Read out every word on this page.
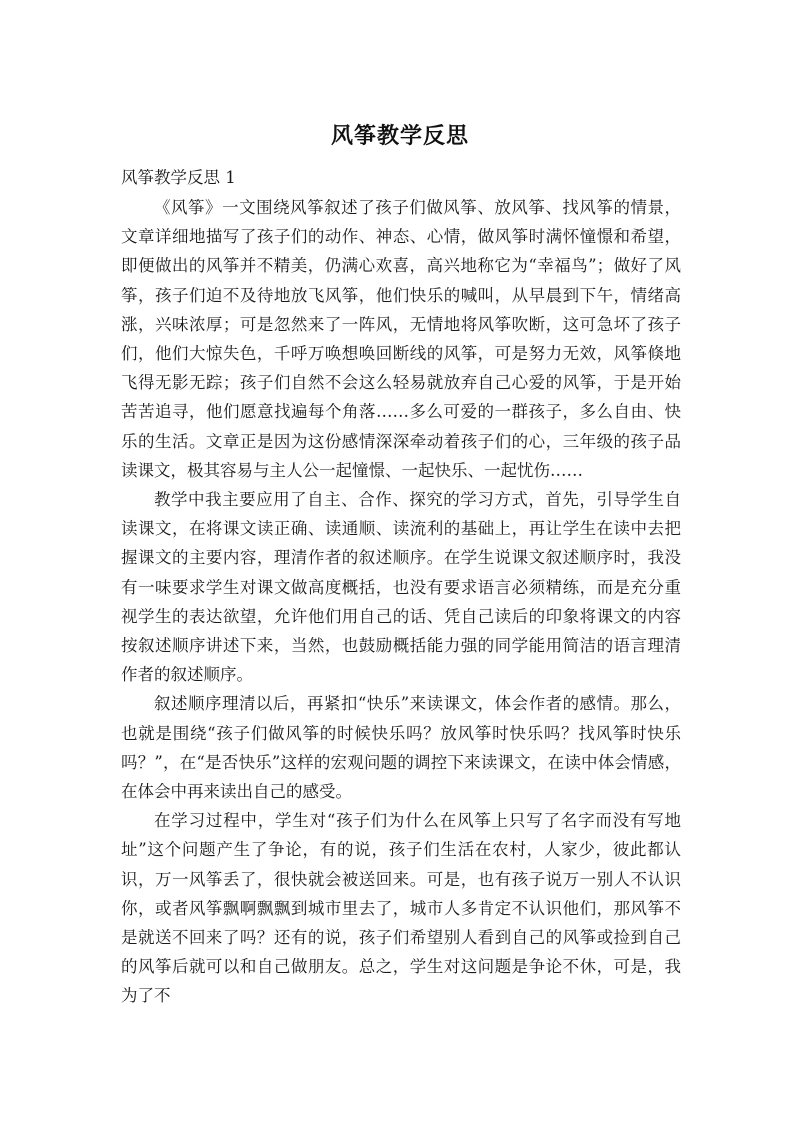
风筝教学反思

风筝教学反思 1

《风筝》一文围绕风筝叙述了孩子们做风筝、放风筝、找风筝的情景，文章详细地描写了孩子们的动作、神态、心情，做风筝时满怀憧憬和希望，即便做出的风筝并不精美，仍满心欢喜，高兴地称它为“幸福鸟”；做好了风筝，孩子们迫不及待地放飞风筝，他们快乐的喊叫，从早晨到下午，情绪高涨，兴味浓厚；可是忽然来了一阵风，无情地将风筝吹断，这可急坏了孩子们，他们大惊失色，千呼万唤想唤回断线的风筝，可是努力无效，风筝倏地飞得无影无踪；孩子们自然不会这么轻易就放弃自己心爱的风筝，于是开始苦苦追寻，他们愿意找遍每个角落……多么可爱的一群孩子，多么自由、快乐的生活。文章正是因为这份感情深深牵动着孩子们的心，三年级的孩子品读课文，极其容易与主人公一起憧憬、一起快乐、一起忧伤……

教学中我主要应用了自主、合作、探究的学习方式，首先，引导学生自读课文，在将课文读正确、读通顺、读流利的基础上，再让学生在读中去把握课文的主要内容，理清作者的叙述顺序。在学生说课文叙述顺序时，我没有一味要求学生对课文做高度概括，也没有要求语言必须精练，而是充分重视学生的表达欲望，允许他们用自己的话、凭自己读后的印象将课文的内容按叙述顺序讲述下来，当然，也鼓励概括能力强的同学能用简洁的语言理清作者的叙述顺序。

叙述顺序理清以后，再紧扣“快乐”来读课文，体会作者的感情。那么，也就是围绕“孩子们做风筝的时候快乐吗？放风筝时快乐吗？找风筝时快乐吗？”，在“是否快乐”这样的宏观问题的调控下来读课文，在读中体会情感，在体会中再来读出自己的感受。

在学习过程中，学生对“孩子们为什么在风筝上只写了名字而没有写地址”这个问题产生了争论，有的说，孩子们生活在农村，人家少，彼此都认识，万一风筝丢了，很快就会被送回来。可是，也有孩子说万一别人不认识你，或者风筝飘啊飘飘到城市里去了，城市人多肯定不认识他们，那风筝不是就送不回来了吗？还有的说，孩子们希望别人看到自己的风筝或捡到自己的风筝后就可以和自己做朋友。总之，学生对这问题是争论不休，可是，我为了不
